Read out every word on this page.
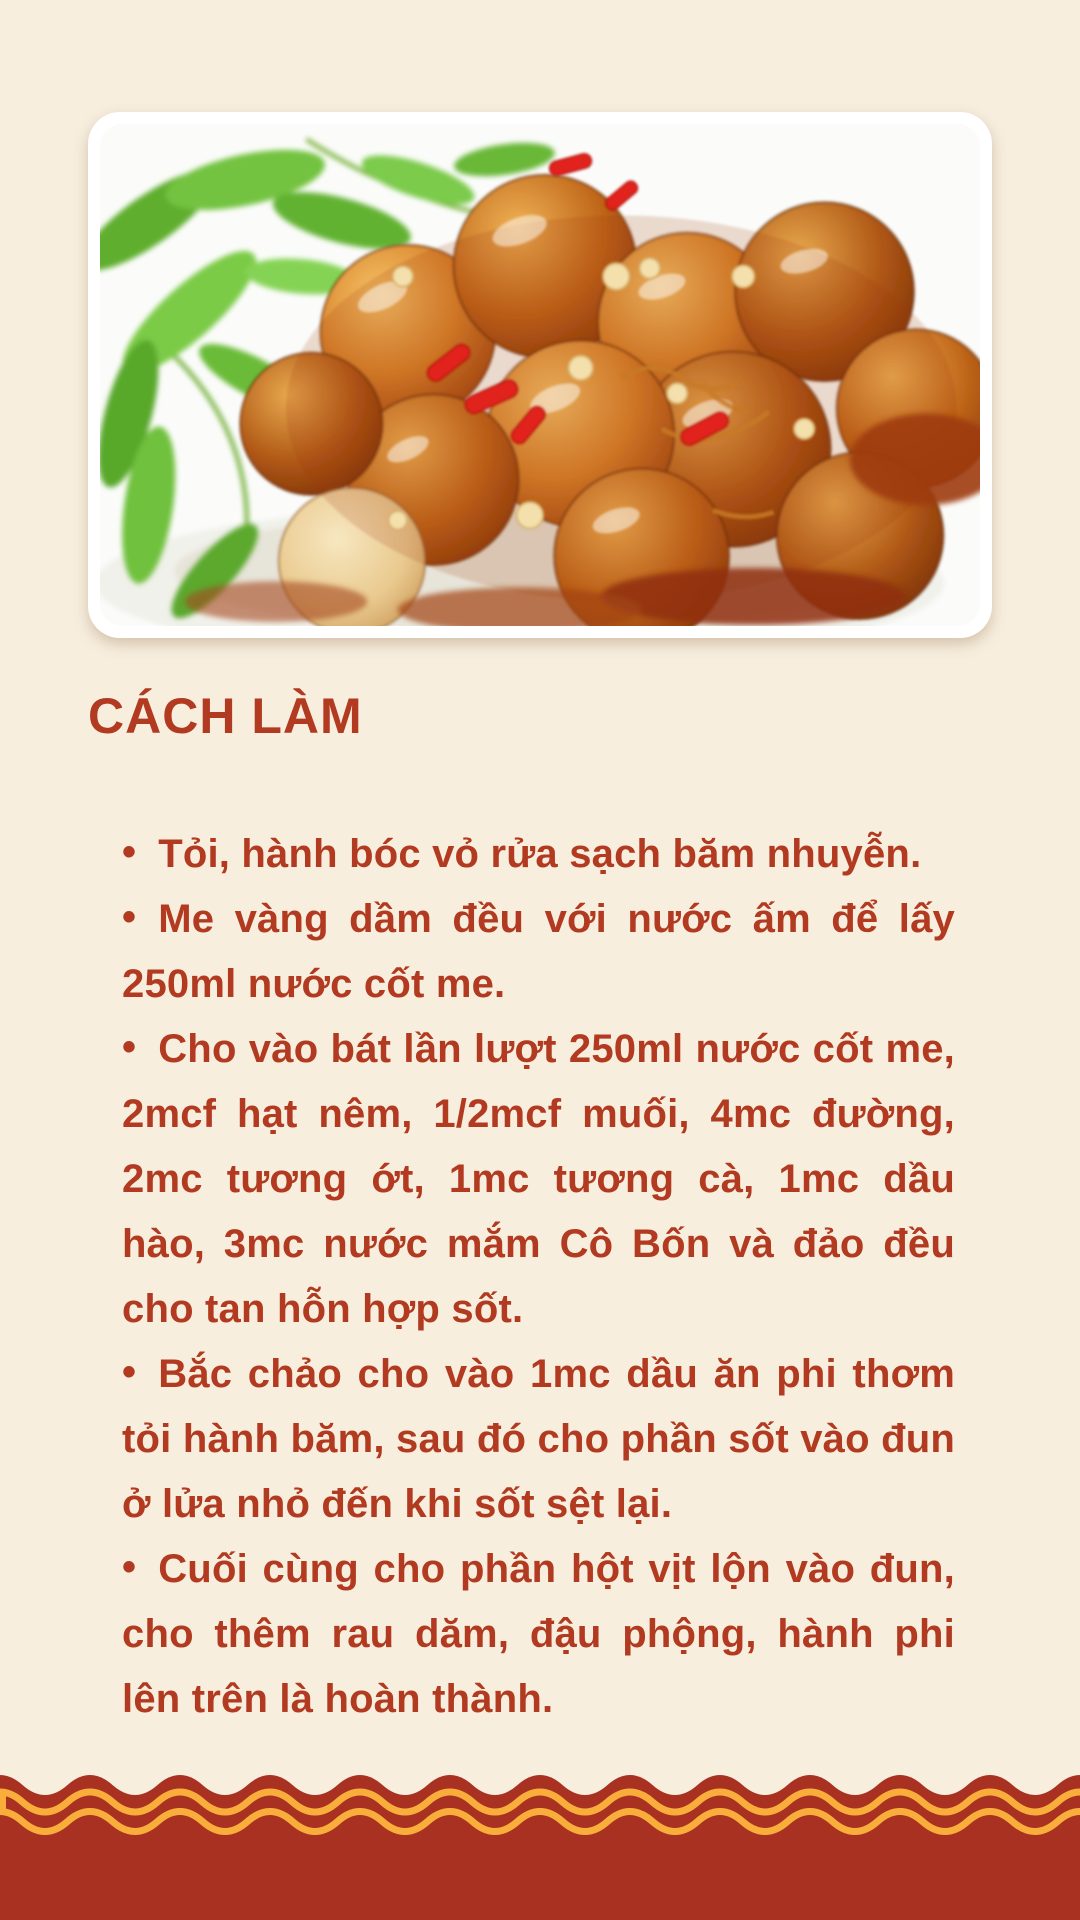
CÁCH LÀM

• Tỏi, hành bóc vỏ rửa sạch băm nhuyễn.

• Me vàng dầm đều với nước ấm để lấy 250ml nước cốt me.

• Cho vào bát lần lượt 250ml nước cốt me, 2mcf hạt nêm, 1/2mcf muối, 4mc đường, 2mc tương ớt, 1mc tương cà, 1mc dầu hào, 3mc nước mắm Cô Bốn và đảo đều cho tan hỗn hợp sốt.

• Bắc chảo cho vào 1mc dầu ăn phi thơm tỏi hành băm, sau đó cho phần sốt vào đun ở lửa nhỏ đến khi sốt sệt lại.

• Cuối cùng cho phần hột vịt lộn vào đun, cho thêm rau dăm, đậu phộng, hành phi lên trên là hoàn thành.
